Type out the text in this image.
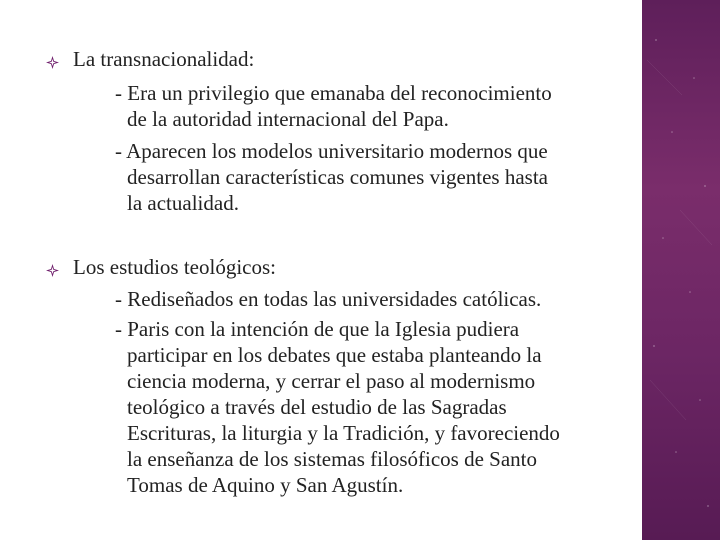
La transnacionalidad:
- Era un privilegio que emanaba del reconocimiento
de la autoridad internacional del Papa.
- Aparecen los modelos universitario modernos que
desarrollan características comunes vigentes hasta
la actualidad.
Los estudios teológicos:
- Rediseñados en todas las universidades católicas.
- Paris con la intención de que la Iglesia pudiera
participar en los debates que estaba planteando la
ciencia moderna, y cerrar el paso al modernismo
teológico a través del estudio de las Sagradas
Escrituras, la liturgia y la Tradición, y favoreciendo
la enseñanza de los sistemas filosóficos de Santo
Tomas de Aquino y San Agustín.
